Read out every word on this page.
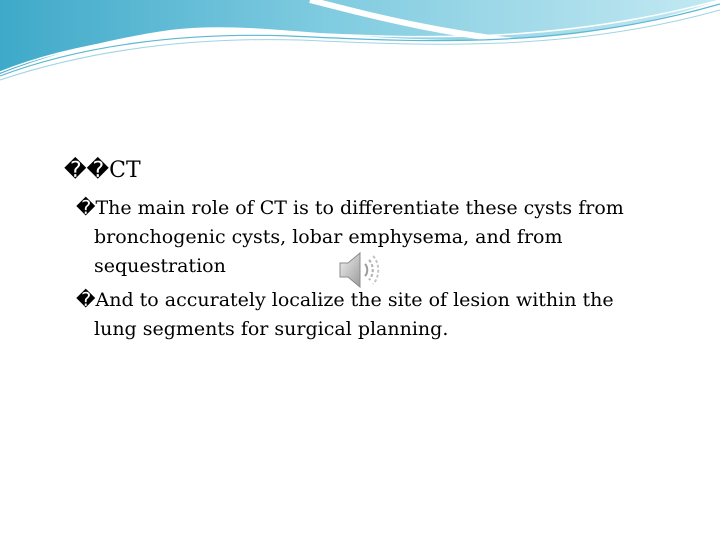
��CT
�The main role of CT is to differentiate these cysts from
bronchogenic cysts, lobar emphysema, and from
sequestration
�And to accurately localize the site of lesion within the
lung segments for surgical planning.
